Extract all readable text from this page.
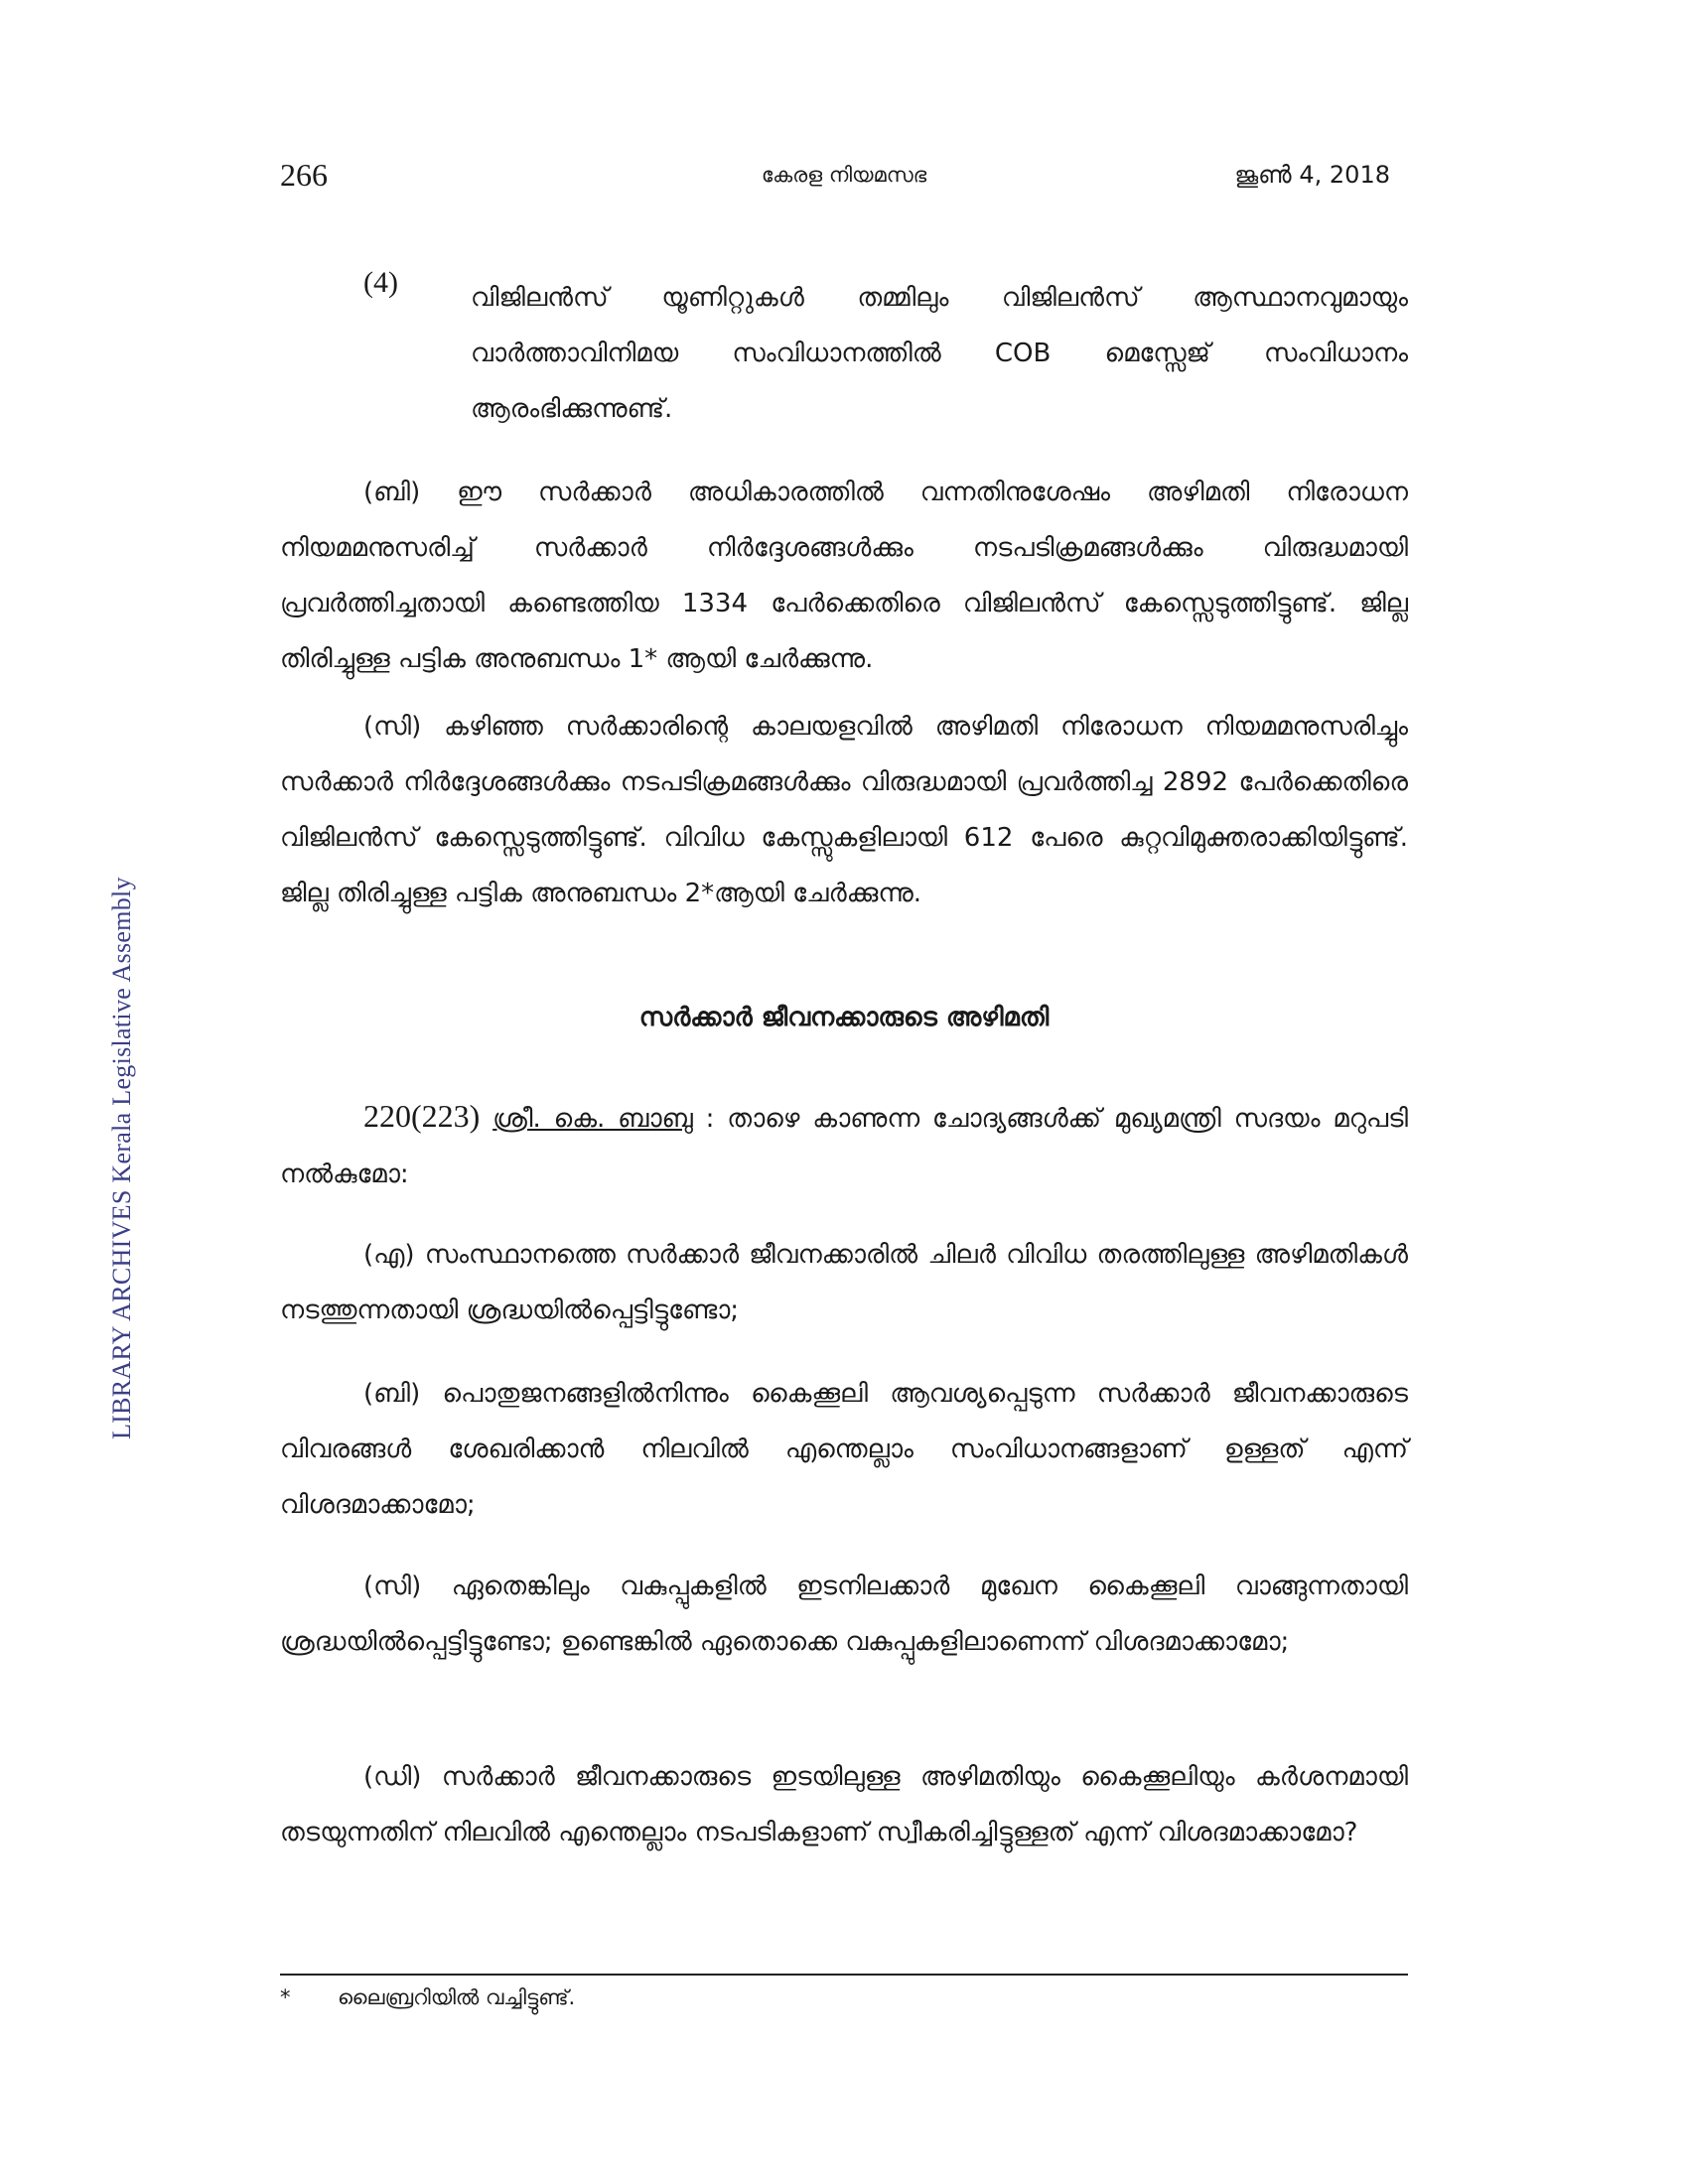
266	കേരള നിയമസഭ	ജൂൺ 4, 2018
LIBRARY ARCHIVES Kerala Legislative Assembly
(4)	വിജിലൻസ് യൂണിറ്റുകൾ തമ്മിലും വിജിലൻസ് ആസ്ഥാനവുമായും വാർത്താവിനിമയ സംവിധാനത്തിൽ COB മെസ്സേജ് സംവിധാനം ആരംഭിക്കുന്നുണ്ട്.

(ബി) ഈ സർക്കാർ അധികാരത്തിൽ വന്നതിനുശേഷം അഴിമതി നിരോധന നിയമമനുസരിച്ച് സർക്കാർ നിർദ്ദേശങ്ങൾക്കും നടപടിക്രമങ്ങൾക്കും വിരുദ്ധമായി പ്രവർത്തിച്ചതായി കണ്ടെത്തിയ 1334 പേർക്കെതിരെ വിജിലൻസ് കേസ്സെടുത്തിട്ടുണ്ട്. ജില്ല തിരിച്ചുള്ള പട്ടിക അനുബന്ധം 1* ആയി ചേർക്കുന്നു.

(സി) കഴിഞ്ഞ സർക്കാരിന്റെ കാലയളവിൽ അഴിമതി നിരോധന നിയമമനുസരിച്ചും സർക്കാർ നിർദ്ദേശങ്ങൾക്കും നടപടിക്രമങ്ങൾക്കും വിരുദ്ധമായി പ്രവർത്തിച്ച 2892 പേർക്കെതിരെ വിജിലൻസ് കേസ്സെടുത്തിട്ടുണ്ട്. വിവിധ കേസ്സുകളിലായി 612 പേരെ കുറ്റവിമുക്തരാക്കിയിട്ടുണ്ട്. ജില്ല തിരിച്ചുള്ള പട്ടിക അനുബന്ധം 2*ആയി ചേർക്കുന്നു.

സർക്കാർ ജീവനക്കാരുടെ അഴിമതി

220(223) ശ്രീ. കെ. ബാബു : താഴെ കാണുന്ന ചോദ്യങ്ങൾക്ക് മുഖ്യമന്ത്രി സദയം മറുപടി നൽകുമോ:

(എ) സംസ്ഥാനത്തെ സർക്കാർ ജീവനക്കാരിൽ ചിലർ വിവിധ തരത്തിലുള്ള അഴിമതികൾ നടത്തുന്നതായി ശ്രദ്ധയിൽപ്പെട്ടിട്ടുണ്ടോ;

(ബി) പൊതുജനങ്ങളിൽനിന്നും കൈക്കൂലി ആവശ്യപ്പെടുന്ന സർക്കാർ ജീവനക്കാരുടെ വിവരങ്ങൾ ശേഖരിക്കാൻ നിലവിൽ എന്തെല്ലാം സംവിധാനങ്ങളാണ് ഉള്ളത് എന്ന് വിശദമാക്കാമോ;

(സി) ഏതെങ്കിലും വകുപ്പുകളിൽ ഇടനിലക്കാർ മുഖേന കൈക്കൂലി വാങ്ങുന്നതായി ശ്രദ്ധയിൽപ്പെട്ടിട്ടുണ്ടോ; ഉണ്ടെങ്കിൽ ഏതൊക്കെ വകുപ്പുകളിലാണെന്ന് വിശദമാക്കാമോ;

(ഡി) സർക്കാർ ജീവനക്കാരുടെ ഇടയിലുള്ള അഴിമതിയും കൈക്കൂലിയും കർശനമായി തടയുന്നതിന് നിലവിൽ എന്തെല്ലാം നടപടികളാണ് സ്വീകരിച്ചിട്ടുള്ളത് എന്ന് വിശദമാക്കാമോ?

* ലൈബ്രറിയിൽ വച്ചിട്ടുണ്ട്.
